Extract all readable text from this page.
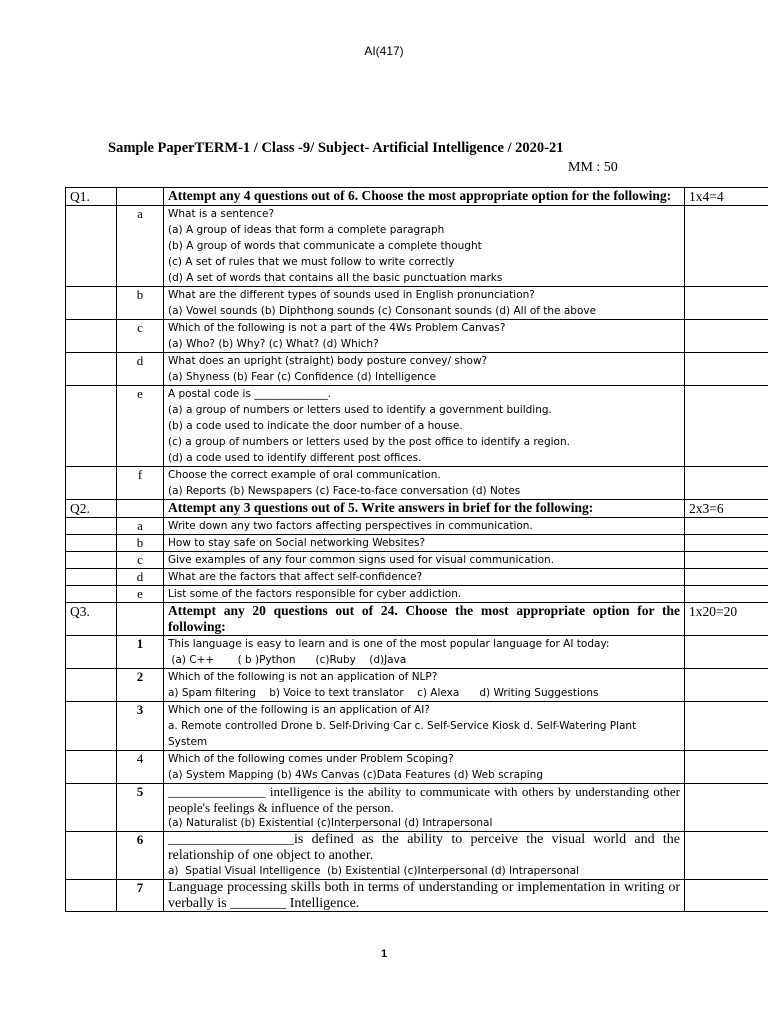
AI(417)
Sample PaperTERM-1 / Class -9/ Subject- Artificial Intelligence / 2020-21
MM : 50
Q1.		Attempt any 4 questions out of 6. Choose the most appropriate option for the following:	1x4=4
	a	What is a sentence?
(a) A group of ideas that form a complete paragraph
(b) A group of words that communicate a complete thought
(c) A set of rules that we must follow to write correctly
(d) A set of words that contains all the basic punctuation marks	

	b	What are the different types of sounds used in English pronunciation?
(a) Vowel sounds (b) Diphthong sounds (c) Consonant sounds (d) All of the above	

	c	Which of the following is not a part of the 4Ws Problem Canvas?
(a) Who? (b) Why? (c) What? (d) Which?	

	d	What does an upright (straight) body posture convey/ show?
(a) Shyness (b) Fear (c) Confidence (d) Intelligence	

	e	A postal code is ______________.
(a) a group of numbers or letters used to identify a government building.
(b) a code used to indicate the door number of a house.
(c) a group of numbers or letters used by the post office to identify a region.
(d) a code used to identify different post offices.	

	f	Choose the correct example of oral communication.
(a) Reports (b) Newspapers (c) Face-to-face conversation (d) Notes	

Q2.		Attempt any 3 questions out of 5. Write answers in brief for the following:	2x3=6
	a	Write down any two factors affecting perspectives in communication.	

	b	How to stay safe on Social networking Websites?	

	c	Give examples of any four common signs used for visual communication.	

	d	What are the factors that affect self-confidence?	

	e	List some of the factors responsible for cyber addiction.	

Q3.		Attempt any 20 questions out of 24. Choose the most appropriate option for the following:	1x20=20
	1	This language is easy to learn and is one of the most popular language for AI today:
(a) C++       ( b )Python      (c)Ruby    (d)Java	

	2	Which of the following is not an application of NLP?
a) Spam filtering    b) Voice to text translator    c) Alexa      d) Writing Suggestions	

	3	Which one of the following is an application of AI?
a. Remote controlled Drone b. Self-Driving Car c. Self-Service Kiosk d. Self-Watering Plant
System	

	4	Which of the following comes under Problem Scoping?
(a) System Mapping (b) 4Ws Canvas (c)Data Features (d) Web scraping	

	5	_______________ intelligence is the ability to communicate with others by understanding other people's feelings & influence of the person.
(a) Naturalist (b) Existential (c)Interpersonal (d) Intrapersonal	

	6	__________________is defined as the ability to perceive the visual world and the relationship of one object to another.
a)  Spatial Visual Intelligence  (b) Existential (c)Interpersonal (d) Intrapersonal	

	7	Language processing skills both in terms of understanding or implementation in writing or verbally is ________ Intelligence.	

1
